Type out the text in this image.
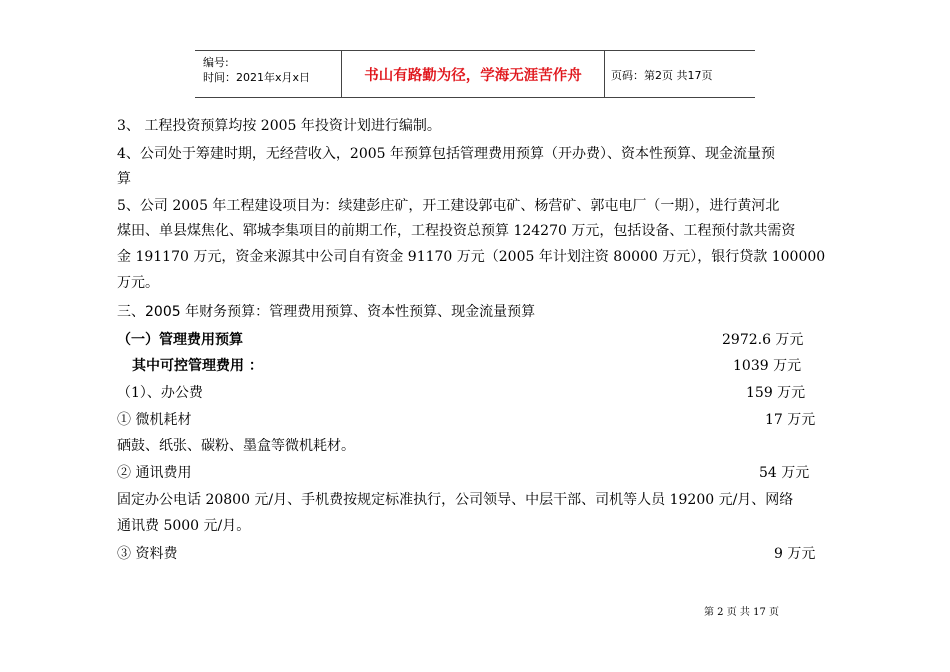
编号:
时间：2021年x月x日	书山有路勤为径，学海无涯苦作舟	页码：第2页 共17页
3、 工程投资预算均按 2005 年投资计划进行编制。
4、公司处于筹建时期，无经营收入，2005 年预算包括管理费用预算（开办费）、资本性预算、现金流量预
算
5、公司 2005 年工程建设项目为：续建彭庄矿，开工建设郭屯矿、杨营矿、郭屯电厂（一期），进行黄河北
煤田、单县煤焦化、郓城李集项目的前期工作，工程投资总预算 124270 万元，包括设备、工程预付款共需资
金 191170 万元，资金来源其中公司自有资金 91170 万元（2005 年计划注资 80000 万元），银行贷款 100000
万元。
三、2005 年财务预算：管理费用预算、资本性预算、现金流量预算
（一）管理费用预算	2972.6 万元
其中可控管理费用 ：	1039 万元
（1）、办公费	159 万元
① 微机耗材	17 万元
硒鼓、纸张、碳粉、墨盒等微机耗材。
② 通讯费用	54 万元
固定办公电话 20800 元/月、手机费按规定标准执行，公司领导、中层干部、司机等人员 19200 元/月、网络
通讯费 5000 元/月。
③ 资料费	9 万元
第 2 页 共 17 页
